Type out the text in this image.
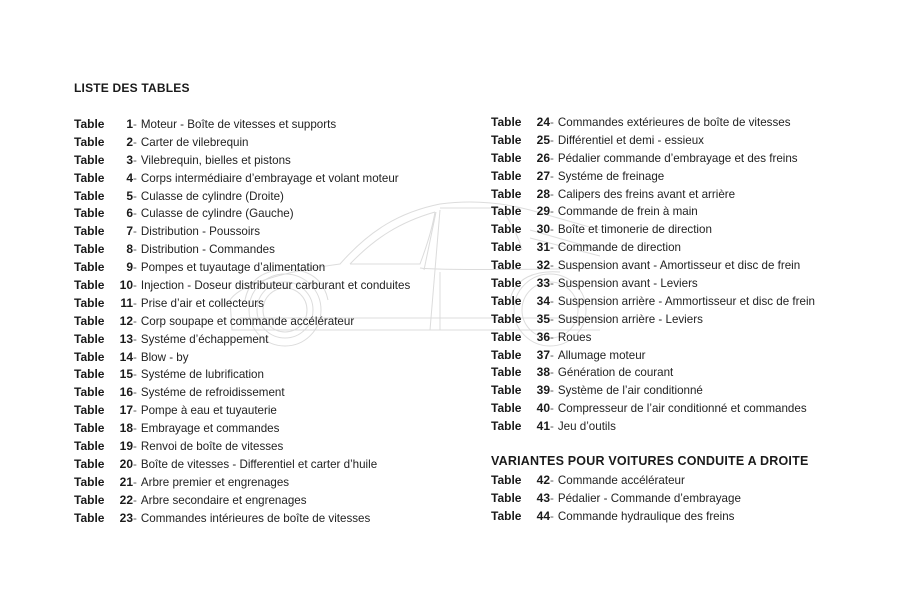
LISTE DES TABLES
Table	1 - Moteur - Boîte de vitesses et supports
Table	2 - Carter de vilebrequin
Table	3 - Vilebrequin, bielles et pistons
Table	4 - Corps intermédiaire d’embrayage et volant moteur
Table	5 - Culasse de cylindre (Droite)
Table	6 - Culasse de cylindre (Gauche)
Table	7 - Distribution - Poussoirs
Table	8 - Distribution - Commandes
Table	9 - Pompes et tuyautage d’alimentation
Table	10 - Injection - Doseur distributeur carburant et conduites
Table	11 - Prise d’air et collecteurs
Table	12 - Corp soupape et commande accélérateur
Table	13 - Systéme d’échappement
Table	14 - Blow - by
Table	15 - Systéme de lubrification
Table	16 - Systéme de refroidissement
Table	17 - Pompe à eau et tuyauterie
Table	18 - Embrayage et commandes
Table	19 - Renvoi de boîte de vitesses
Table	20 - Boîte de vitesses - Differentiel et carter d’huile
Table	21 - Arbre premier et engrenages
Table	22 - Arbre secondaire et engrenages
Table	23 - Commandes intérieures de boîte de vitesses
Table	24 - Commandes extérieures de boîte de vitesses
Table	25 - Différentiel et demi - essieux
Table	26 - Pédalier commande d’embrayage et des freins
Table	27 - Systéme de freinage
Table	28 - Calipers des freins avant et arrière
Table	29 - Commande de frein à main
Table	30 - Boîte et timonerie de direction
Table	31 - Commande de direction
Table	32 - Suspension avant - Amortisseur et disc de frein
Table	33 - Suspension avant - Leviers
Table	34 - Suspension arrière - Ammortisseur et disc de frein
Table	35 - Suspension arrière - Leviers
Table	36 - Roues
Table	37 - Allumage moteur
Table	38 - Génération de courant
Table	39 - Système de l’air conditionné
Table	40 - Compresseur de l’air conditionné et commandes
Table	41 - Jeu d’outils
VARIANTES POUR VOITURES CONDUITE A DROITE
Table	42 - Commande accélérateur
Table	43 - Pédalier - Commande d’embrayage
Table	44 - Commande hydraulique des freins
